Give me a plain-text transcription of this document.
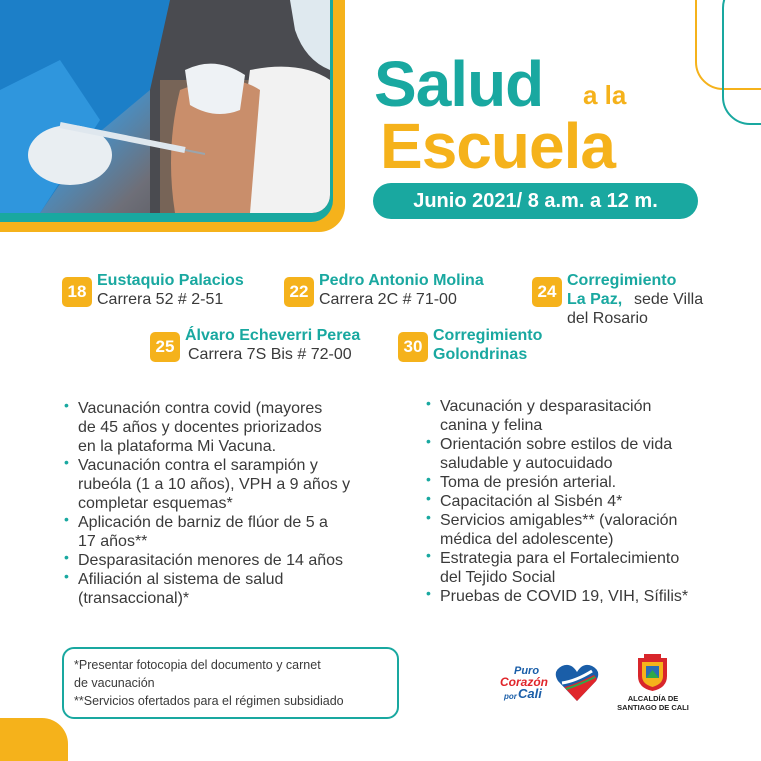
Salud a la
Escuela
Junio 2021/ 8 a.m. a 12 m.
18
Eustaquio Palacios
Carrera 52 # 2-51	22
Pedro Antonio Molina
Carrera 2C # 71-00	24
Corregimiento
La Paz, sede Villa
del Rosario
25
Álvaro Echeverri Perea
Carrera 7S Bis # 72-00	30
Corregimiento
Golondrinas
• Vacunación contra covid (mayores
de 45 años y docentes priorizados
en la plataforma Mi Vacuna.
• Vacunación contra el sarampión y
rubeóla (1 a 10 años), VPH a 9 años y
completar esquemas*
• Aplicación de barniz de flúor de 5 a
17 años**
• Desparasitación menores de 14 años
• Afiliación al sistema de salud
(transaccional)*
• Vacunación y desparasitación
canina y felina
• Orientación sobre estilos de vida
saludable y autocuidado
• Toma de presión arterial.
• Capacitación al Sisbén 4*
• Servicios amigables** (valoración
médica del adolescente)
• Estrategia para el Fortalecimiento
del Tejido Social
• Pruebas de COVID 19, VIH, Sífilis*
*Presentar fotocopia del documento y carnet
de vacunación
**Servicios ofertados para el régimen subsidiado
Puro
Corazón
por Cali	ALCALDÍA DE
SANTIAGO DE CALI
